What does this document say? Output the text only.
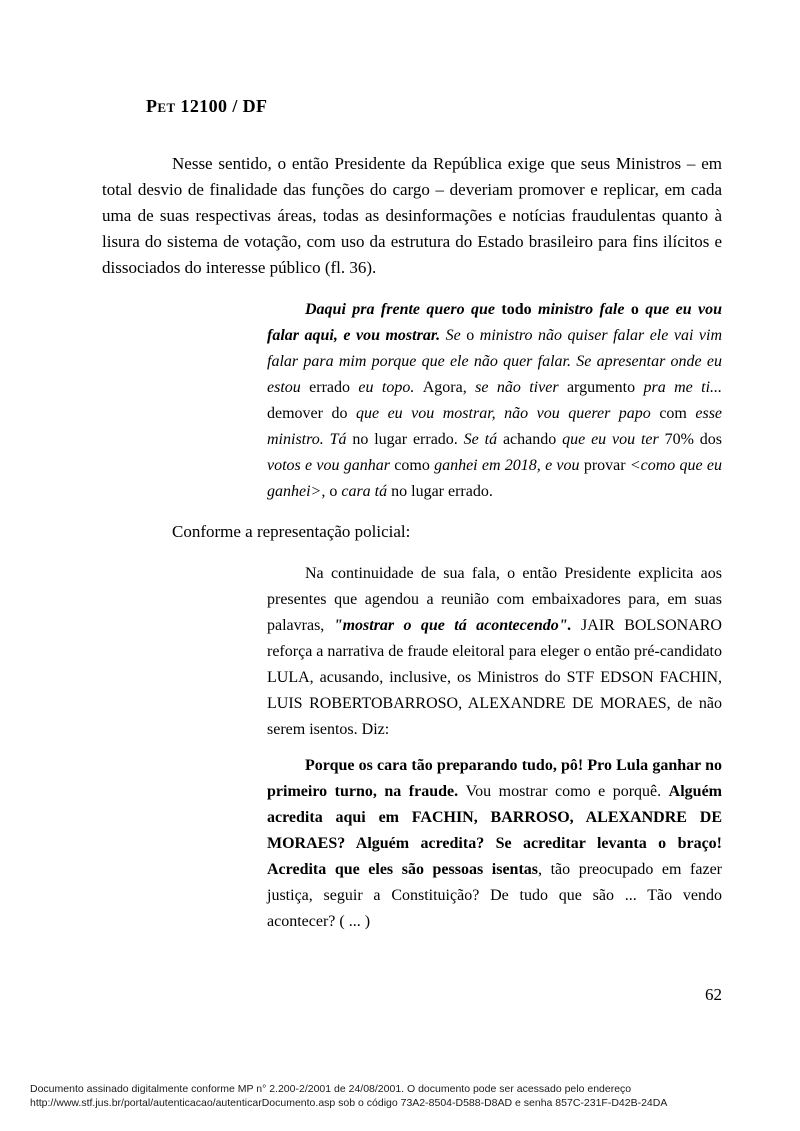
Pet 12100 / DF

Nesse sentido, o então Presidente da República exige que seus Ministros – em total desvio de finalidade das funções do cargo – deveriam promover e replicar, em cada uma de suas respectivas áreas, todas as desinformações e notícias fraudulentas quanto à lisura do sistema de votação, com uso da estrutura do Estado brasileiro para fins ilícitos e dissociados do interesse público (fl. 36).

Daqui pra frente quero que todo ministro fale o que eu vou falar aqui, e vou mostrar. Se o ministro não quiser falar ele vai vim falar para mim porque que ele não quer falar. Se apresentar onde eu estou errado eu topo. Agora, se não tiver argumento pra me ti... demover do que eu vou mostrar, não vou querer papo com esse ministro. Tá no lugar errado. Se tá achando que eu vou ter 70% dos votos e vou ganhar como ganhei em 2018, e vou provar <como que eu ganhei>, o cara tá no lugar errado.

Conforme a representação policial:

Na continuidade de sua fala, o então Presidente explicita aos presentes que agendou a reunião com embaixadores para, em suas palavras, "mostrar o que tá acontecendo". JAIR BOLSONARO reforça a narrativa de fraude eleitoral para eleger o então pré-candidato LULA, acusando, inclusive, os Ministros do STF EDSON FACHIN, LUIS ROBERTOBARROSO, ALEXANDRE DE MORAES, de não serem isentos. Diz:

Porque os cara tão preparando tudo, pô! Pro Lula ganhar no primeiro turno, na fraude. Vou mostrar como e porquê. Alguém acredita aqui em FACHIN, BARROSO, ALEXANDRE DE MORAES? Alguém acredita? Se acreditar levanta o braço! Acredita que eles são pessoas isentas, tão preocupado em fazer justiça, seguir a Constituição? De tudo que são ... Tão vendo acontecer? ( ... )

62

Documento assinado digitalmente conforme MP n° 2.200-2/2001 de 24/08/2001. O documento pode ser acessado pelo endereço

http://www.stf.jus.br/portal/autenticacao/autenticarDocumento.asp sob o código 73A2-8504-D588-D8AD e senha 857C-231F-D42B-24DA
